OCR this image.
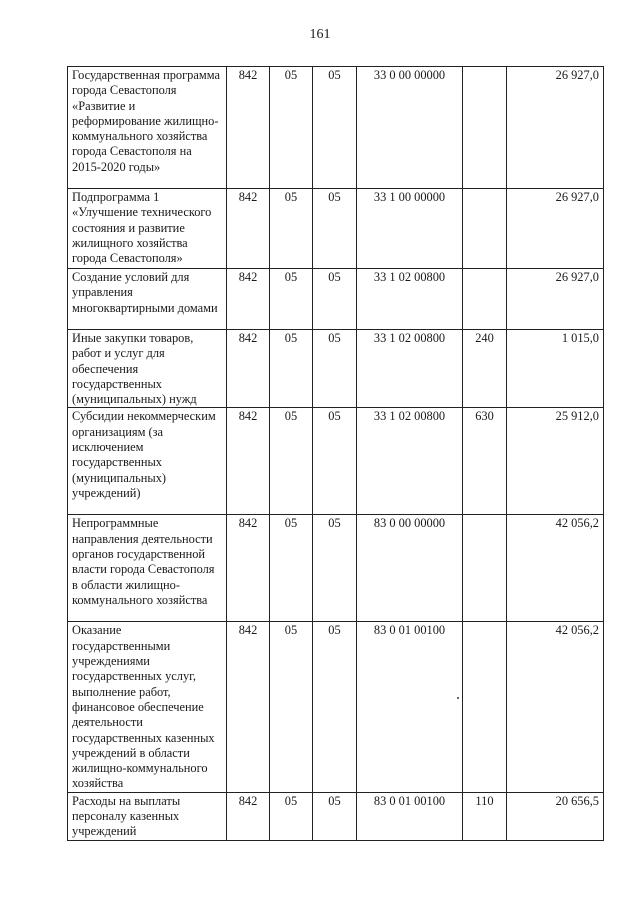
161
Государственная программа города Севастополя «Развитие и реформирование жилищно-коммунального хозяйства города Севастополя на 2015-2020 годы»	842	05	05	33 0 00 00000		26 927,0
Подпрограмма 1 «Улучшение технического состояния и развитие жилищного хозяйства города Севастополя»	842	05	05	33 1 00 00000		26 927,0
Создание условий для управления многоквартирными домами	842	05	05	33 1 02 00800		26 927,0
Иные закупки товаров, работ и услуг для обеспечения государственных (муниципальных) нужд	842	05	05	33 1 02 00800	240	1 015,0
Субсидии некоммерческим организациям (за исключением государственных (муниципальных) учреждений)	842	05	05	33 1 02 00800	630	25 912,0
Непрограммные направления деятельности органов государственной власти города Севастополя в области жилищно-коммунального хозяйства	842	05	05	83 0 00 00000		42 056,2
Оказание государственными учреждениями государственных услуг, выполнение работ, финансовое обеспечение деятельности государственных казенных учреждений в области жилищно-коммунального хозяйства	842	05	05	83 0 01 00100		42 056,2
Расходы на выплаты персоналу казенных учреждений	842	05	05	83 0 01 00100	110	20 656,5
